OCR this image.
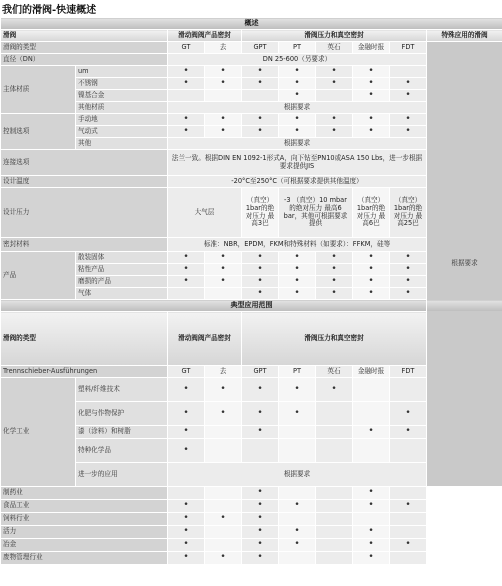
我们的滑阀-快速概述
概述										
滑阀		滑动阀阀产品密封		滑阀压力和真空密封					特殊应用的滑阀	
滑阀的类型		GT	去	GPT	PT	英石	金融时报	FDT	根据要求	
直径（DN）		DN 25-600（另要求）								
主体材质	um	•	•	•	•	•	•			
	不锈钢	•	•	•	•	•	•	•		
	镍基合金				•		•	•		
	其他材质	根据要求								
控制选项	手动地	•	•	•	•	•	•	•		
	气动式	•	•	•	•	•	•	•		
	其他	根据要求								
连接选项		法兰一致。根据DIN EN 1092-1形式A，向下钻至PN10或ASA 150 Lbs，进一步根据要求提供JIS								
设计温度		-20°C至250°C（可根据要求提供其他温度）								
设计压力		大气层		（真空）1bar的绝对压力 最高3巴	-3 （真空）10 mbar的绝对压力 最高6 bar，其他可根据要求提供		（真空）1bar的绝对压力 最高6巴	（真空）1bar的绝对压力 最高25巴		
密封材料		标准：NBR，EPDM，FKM和特殊材料（如要求）：FFKM，硅等								
产品	散装固体	•	•	•	•	•	•	•		
	粘性产品	•	•	•	•	•	•	•		
	磨损的产品	•	•	•	•	•	•	•		
	气体			•	•	•	•	•		
典型应用范围										
滑阀的类型		滑动阀阀产品密封		滑阀压力和真空密封	
Trennschieber-Ausführungen		GT	去	GPT	PT	英石	金融时报	FDT	
化学工业	塑料/纤维技术	•	•	•	•	•				
	化肥与作物保护	•	•	•	•			•		
	漆（涂料）和树脂	•		•			•	•		
	特种化学品	•								
	进一步的应用	根据要求								
制药业				•			•			
食品工业		•		•	•		•	•		
饲料行业		•	•	•						
活力		•		•	•		•			
冶金		•		•	•		•	•		
废物管理行业		•	•	•			•			
